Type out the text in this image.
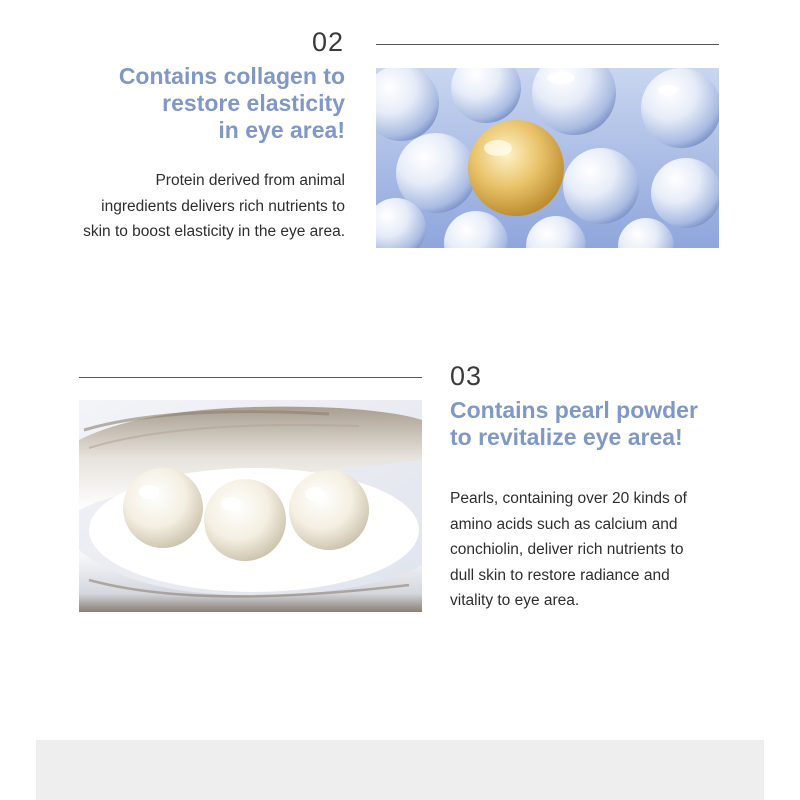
02
Contains collagen to
restore elasticity
in eye area!
Protein derived from animal
ingredients delivers rich nutrients to
skin to boost elasticity in the eye area.
03
Contains pearl powder
to revitalize eye area!
Pearls, containing over 20 kinds of
amino acids such as calcium and
conchiolin, deliver rich nutrients to
dull skin to restore radiance and
vitality to eye area.
